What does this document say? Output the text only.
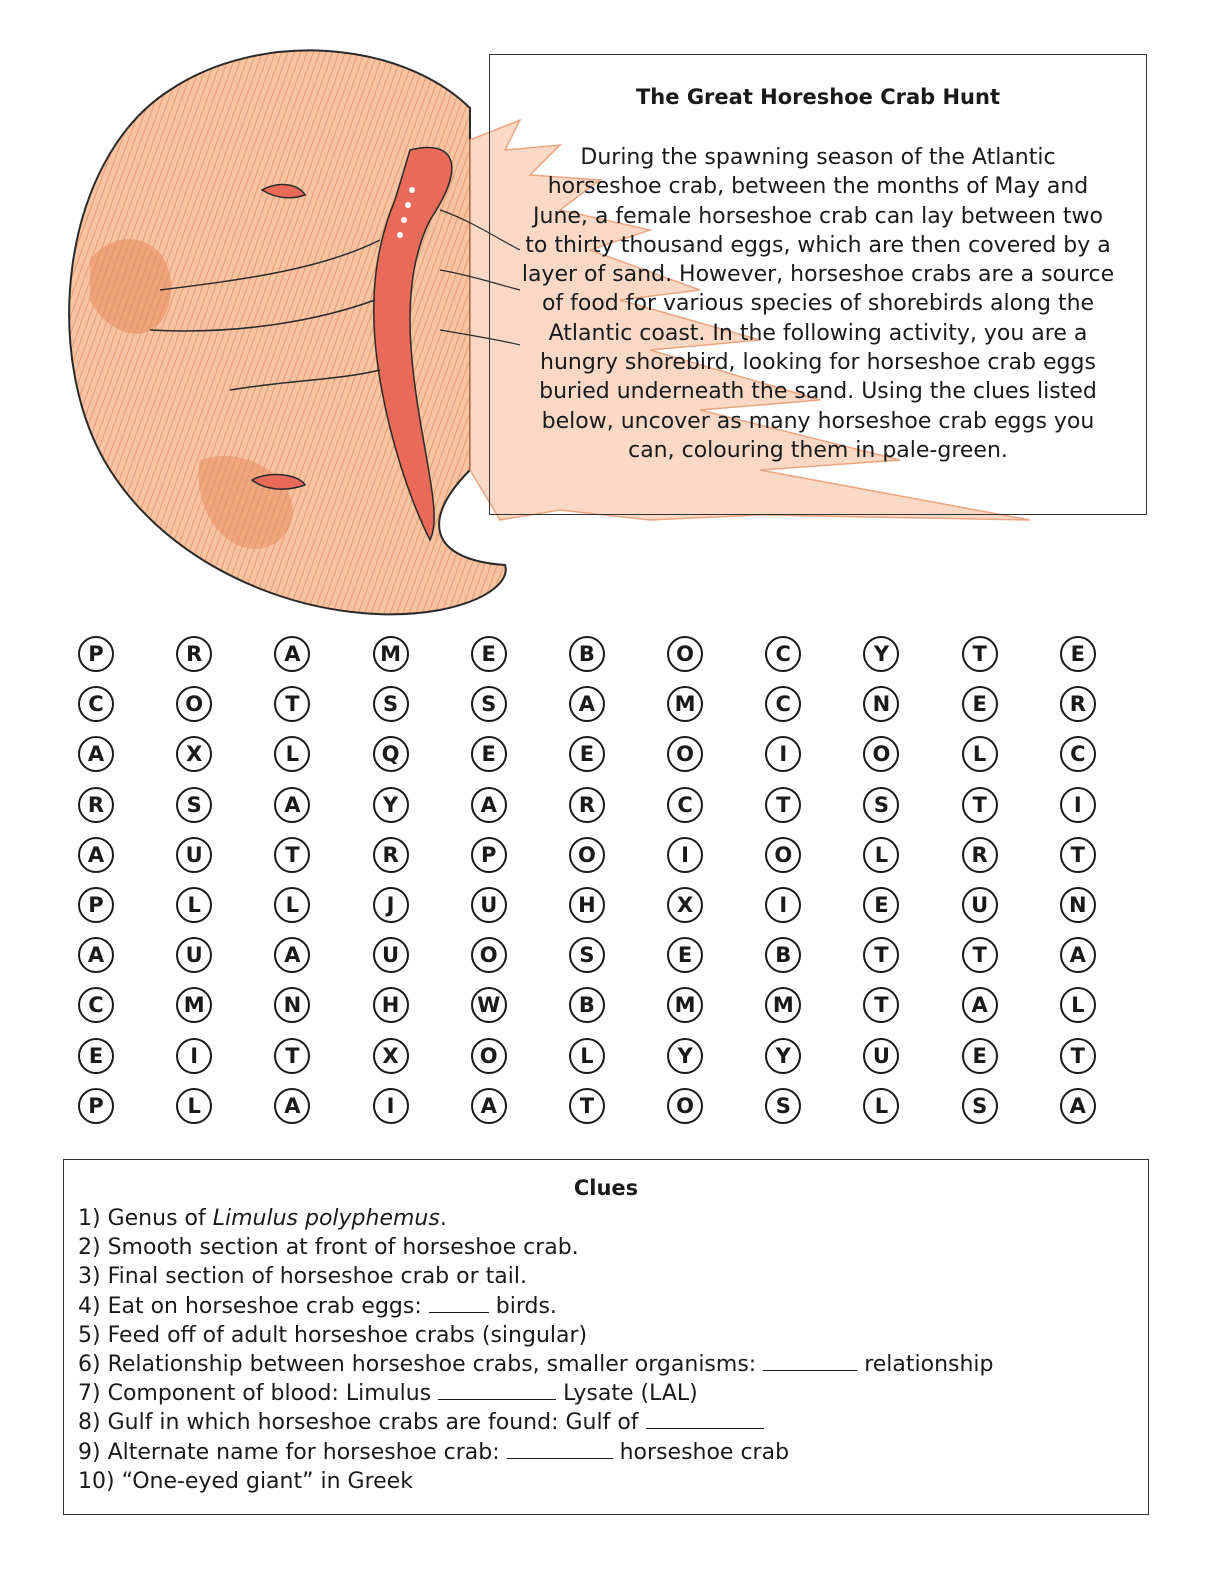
The Great Horeshoe Crab Hunt

During the spawning season of the Atlantic horseshoe crab, between the months of May and June, a female horseshoe crab can lay between two to thirty thousand eggs, which are then covered by a layer of sand. However, horseshoe crabs are a source of food for various species of shorebirds along the Atlantic coast. In the following activity, you are a hungry shorebird, looking for horseshoe crab eggs buried underneath the sand. Using the clues listed below, uncover as many horseshoe crab eggs you can, colouring them in pale-green.

P	R	A	M	E	B	O	C	Y	T	E
C	O	T	S	S	A	M	C	N	E	R
A	X	L	Q	E	E	O	I	O	L	C
R	S	A	Y	A	R	C	T	S	T	I
A	U	T	R	P	O	I	O	L	R	T
P	L	L	J	U	H	X	I	E	U	N
A	U	A	U	O	S	E	B	T	T	A
C	M	N	H	W	B	M	M	T	A	L
E	I	T	X	O	L	Y	Y	U	E	T
P	L	A	I	A	T	O	S	L	S	A

Clues

1) Genus of Limulus polyphemus.

2) Smooth section at front of horseshoe crab.

3) Final section of horseshoe crab or tail.

4) Eat on horseshoe crab eggs:	birds.

5) Feed off of adult horseshoe crabs (singular)

6) Relationship between horseshoe crabs, smaller organisms:	relationship

7) Component of blood: Limulus	Lysate (LAL)

8) Gulf in which horseshoe crabs are found: Gulf of

9) Alternate name for horseshoe crab:	horseshoe crab

10) “One-eyed giant” in Greek
